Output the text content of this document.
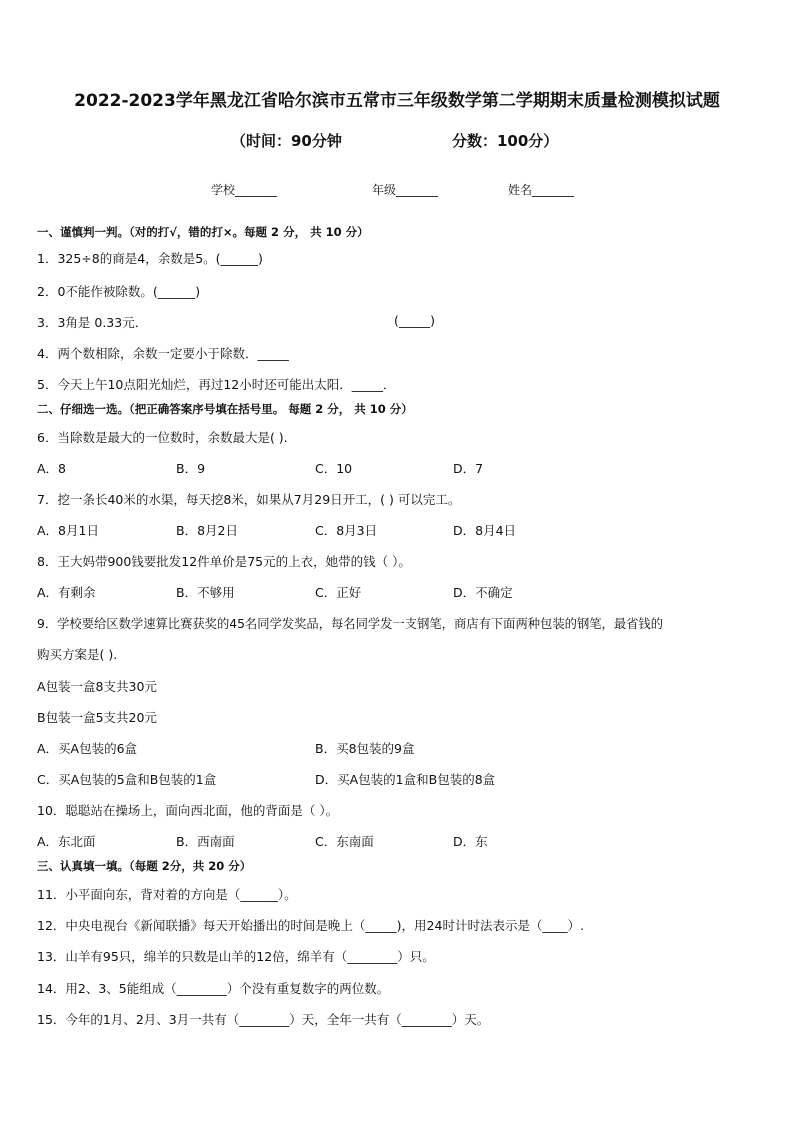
2022-2023学年黑龙江省哈尔滨市五常市三年级数学第二学期期末质量检测模拟试题
（时间：90分钟	分数：100分）
学校_______	年级_______	姓名_______
一、谨慎判一判。（对的打√，错的打×。每题 2 分， 共 10 分）
1．325÷8的商是4，余数是5。(______)
2．0不能作被除数。(______)
3．3角是 0.33元．	(_____)
4．两个数相除，余数一定要小于除数．_____
5．今天上午10点阳光灿烂，再过12小时还可能出太阳．_____．
二、仔细选一选。（把正确答案序号填在括号里。 每题 2 分， 共 10 分）
6．当除数是最大的一位数时，余数最大是( ).
A．8	B．9	C．10	D．7
7．挖一条长40米的水渠，每天挖8米，如果从7月29日开工，( ) 可以完工。
A．8月1日	B．8月2日	C．8月3日	D．8月4日
8．王大妈带900钱要批发12件单价是75元的上衣，她带的钱（ ）。
A．有剩余	B．不够用	C．正好	D．不确定
9．学校要给区数学速算比赛获奖的45名同学发奖品，每名同学发一支钢笔，商店有下面两种包装的钢笔，最省钱的
购买方案是( ).
A包装一盒8支共30元
B包装一盒5支共20元
A．买A包装的6盒	B．买8包装的9盒
C．买A包装的5盒和B包装的1盒	D．买A包装的1盒和B包装的8盒
10．聪聪站在操场上，面向西北面，他的背面是（ ）。
A．东北面	B．西南面	C．东南面	D．东
三、认真填一填。（每题 2分，共 20 分）
11．小平面向东，背对着的方向是（______）。
12．中央电视台《新闻联播》每天开始播出的时间是晚上（_____)，用24时计时法表示是（____）.
13．山羊有95只，绵羊的只数是山羊的12倍，绵羊有（________）只。
14．用2、3、5能组成（________）个没有重复数字的两位数。
15．今年的1月、2月、3月一共有（________）天，全年一共有（________）天。
